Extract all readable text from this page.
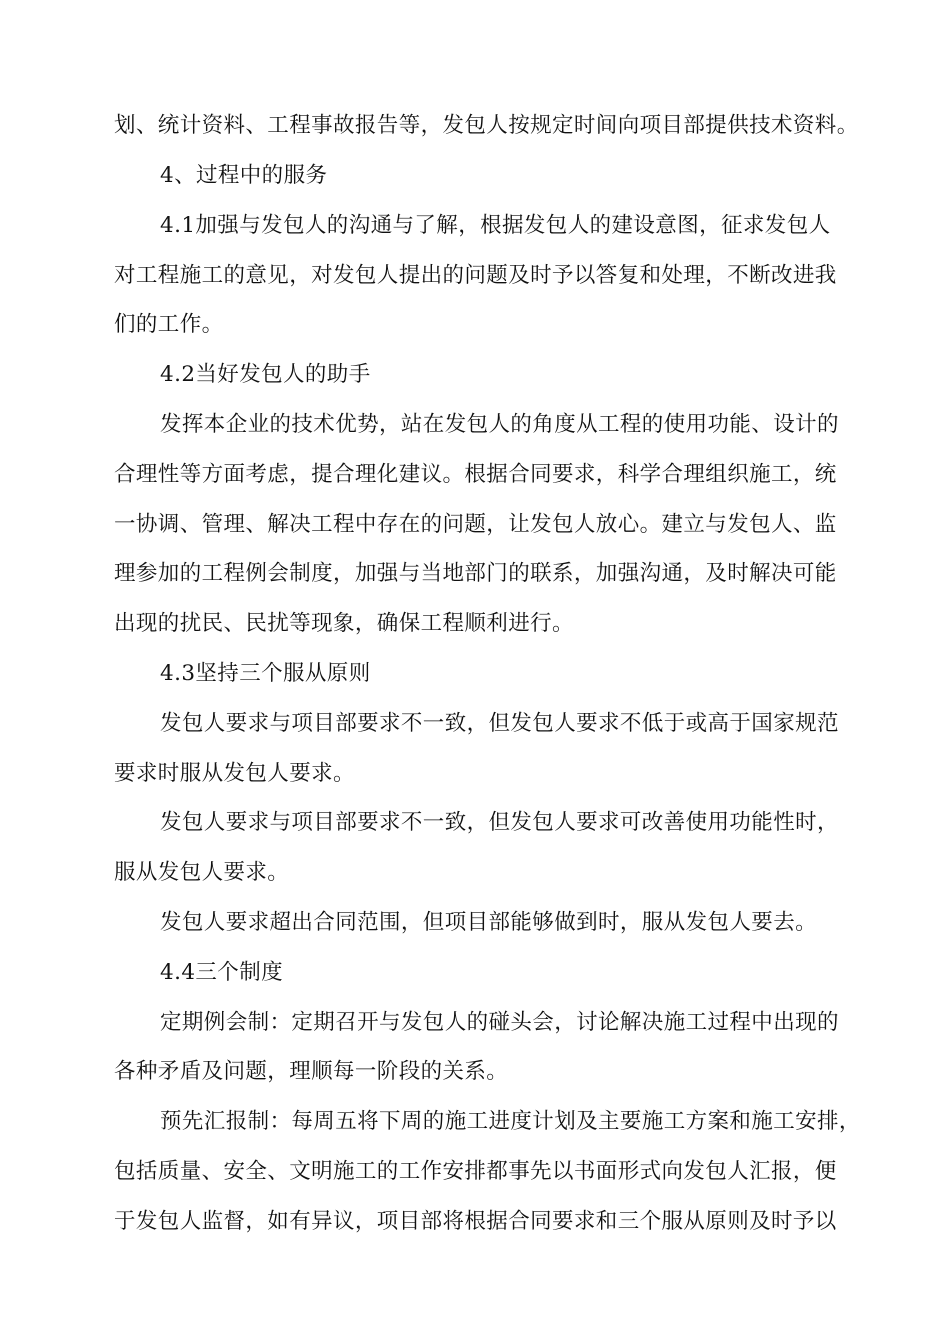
划、统计资料、工程事故报告等，发包人按规定时间向项目部提供技术资料。
4、过程中的服务
4.1加强与发包人的沟通与了解，根据发包人的建设意图，征求发包人
对工程施工的意见，对发包人提出的问题及时予以答复和处理，不断改进我
们的工作。
4.2当好发包人的助手
发挥本企业的技术优势，站在发包人的角度从工程的使用功能、设计的
合理性等方面考虑，提合理化建议。根据合同要求，科学合理组织施工，统
一协调、管理、解决工程中存在的问题，让发包人放心。建立与发包人、监
理参加的工程例会制度，加强与当地部门的联系，加强沟通，及时解决可能
出现的扰民、民扰等现象，确保工程顺利进行。
4.3坚持三个服从原则
发包人要求与项目部要求不一致，但发包人要求不低于或高于国家规范
要求时服从发包人要求。
发包人要求与项目部要求不一致，但发包人要求可改善使用功能性时，
服从发包人要求。
发包人要求超出合同范围，但项目部能够做到时，服从发包人要去。
4.4三个制度
定期例会制：定期召开与发包人的碰头会，讨论解决施工过程中出现的
各种矛盾及问题，理顺每一阶段的关系。
预先汇报制：每周五将下周的施工进度计划及主要施工方案和施工安排，
包括质量、安全、文明施工的工作安排都事先以书面形式向发包人汇报，便
于发包人监督，如有异议，项目部将根据合同要求和三个服从原则及时予以
